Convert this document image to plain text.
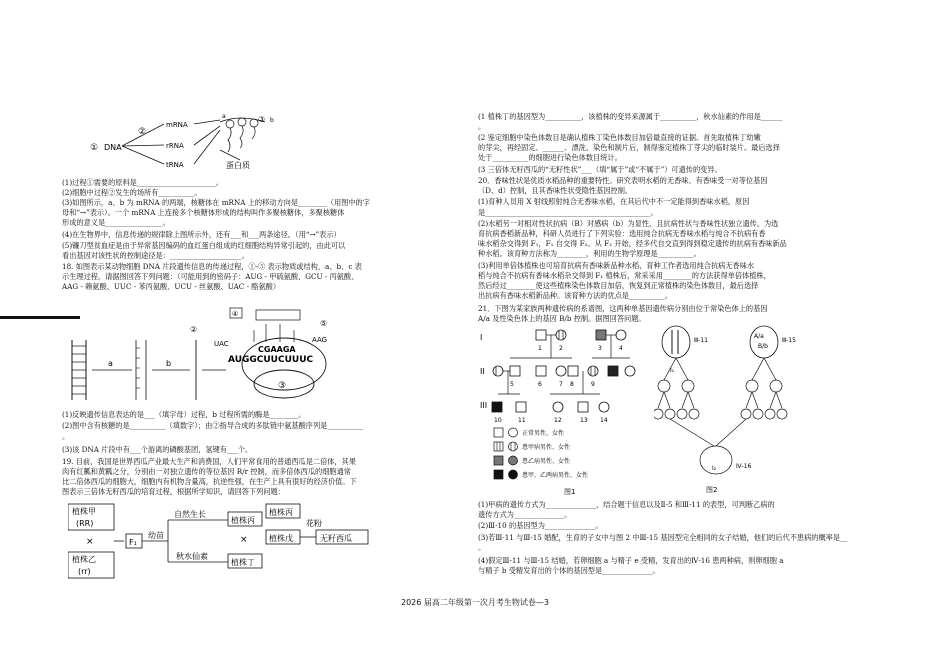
① DNA
②
mRNA
rRNA
tRNA
a
b
③
蛋白质
(1)过程①需要的原料是______________________。
(2)细胞中过程②发生的场所有__________。
(3)如图所示，a、b 为 mRNA 的两端，核糖体在 mRNA 上的移动方向是________（用图中的字
母和“→”表示）。一个 mRNA 上连接多个核糖体形成的结构叫作多聚核糖体，多聚核糖体
形成的意义是________________。
(4)在生物界中，信息传递的规律除上图所示外，还有___和___两条途径。（用“→”表示）
(5)镰刀型贫血症是由于异常基因编码的血红蛋白组成的红细胞结构异常引起的，由此可以
看出基因对该性状的控制途径是：____________________。
18. 如图表示某动物细胞 DNA 片段遗传信息的传递过程，①-⑤ 表示物质或结构，a、b、c 表
示生理过程。请据图回答下列问题：（可能用到的密码子：AUG - 甲硫氨酸、GCU - 丙氨酸、
AAG - 赖氨酸、UUC - 苯丙氨酸、UCU - 丝氨酸、UAC - 酪氨酸）
a	b
②
CGAAGA
AUGGCUUCUUUC
③
④
⑤
UAC	AAG
(1)反映遗传信息表达的是___（填字母）过程，b 过程所需的酶是________。
(2)图中含有核糖的是__________（填数字）；由②指导合成的多肽链中氨基酸序列是__________
。
(3)该 DNA 片段中有___个游离的磷酸基团，氢键有___个。
19. 目前，我国是世界西瓜产业最大生产和消费国，人们平常食用的普通西瓜是二倍体，其果
肉有红瓤和黄瓤之分，分别由一对独立遗传的等位基因 R/r 控制，而多倍体西瓜的细胞通常
比二倍体西瓜的细胞大，细胞内有机物含量高，抗逆性强，在生产上具有很好的经济价值。下
图表示三倍体无籽西瓜的培育过程，根据所学知识，请回答下列问题：
植株甲
(RR)
×
植株乙
(rr)
F₁
幼苗
自然生长
秋水仙素
植株丙
×
植株丁
植株丙
花粉
植株戊	无籽西瓜
(1 植株丁的基因型为__________，该植株的变异来源属于__________，秋水仙素的作用是______
。
(2 鉴定细胞中染色体数目是确认植株丁染色体数目加倍最直接的证据。首先取植株丁幼嫩
的芽尖，再经固定、______、漂洗、染色和制片后，制得鉴定植株丁芽尖的临时装片。最后选择
处于__________的细胞进行染色体数目统计。
(3 三倍体无籽西瓜的“无籽性状”___（填“属于”或“不属于”）可遗传的变异。
20．香味性状是优质水稻品种的重要特性。研究表明水稻的无香味、有香味受一对等位基因
（D、d）控制，且其香味性状受隐性基因控制。
(1)育种人员用 X 射线照射纯合无香味水稻，在其后代中不一定能得到香味水稻，原因
是______________________________________________。
(2)水稻另一对相对性状抗病（B）对感病（b）为显性，且抗病性状与香味性状独立遗传。为选
育抗病香稻新品种，科研人员进行了下列实验：选用纯合抗病无香味水稻与纯合不抗病有香
味水稻杂交得到 F₁，F₁ 自交得 F₂。从 F₂ 开始，经多代自交直到得到稳定遗传的抗病有香味新品
种水稻。该育种方法称为________，利用的生物学原理是__________。
(3)利用单倍体植株也可培育抗病有香味新品种水稻，育种工作者选用纯合抗病无香味水
稻与纯合不抗病有香味水稻杂交得到 F₁ 植株后，常采采用________的方法获得单倍体植株，
然后经过________使这些植株染色体数目加倍，恢复到正常植株的染色体数目，最后选择
出抗病有香味水稻新品种。该育种方法的优点是__________。
21．下图为某家族两种遗传病的系谱图，这两种单基因遗传病分别由位于常染色体上的基因
A/a 及性染色体上的基因 B/b 控制。据图回答问题。
I
II
III
1	2	3	4
5	6	7 8	9
10	11	12	13 14
正常男性、女性
患甲病男性、女性
患乙病男性、女性
患甲、乙两病男性、女性
图1
I₁
Ⅲ-11
A/a
B/b
Ⅲ-15
I₂	Ⅳ-16
图2
(1)甲病的遗传方式为______________，结合题干信息以及Ⅱ-5 和Ⅲ-11 的表型，可判断乙病的
遗传方式为______________。
(2)Ⅲ-10 的基因型为______________。
(3)若Ⅲ-11 与Ⅲ-15 婚配，生育的子女中与图 2 中Ⅲ-15 基因型完全相同的女子结婚，他们的后代不患病的概率是__
。
(4)假定Ⅲ-11 与Ⅲ-15 结婚，若卵细胞 a 与精子 e 受精，发育出的Ⅳ-16 患两种病，则卵细胞 a
与精子 b 受精发育出的个体的基因型是______________。
2026 届高二年级第一次月考生物试卷—3
